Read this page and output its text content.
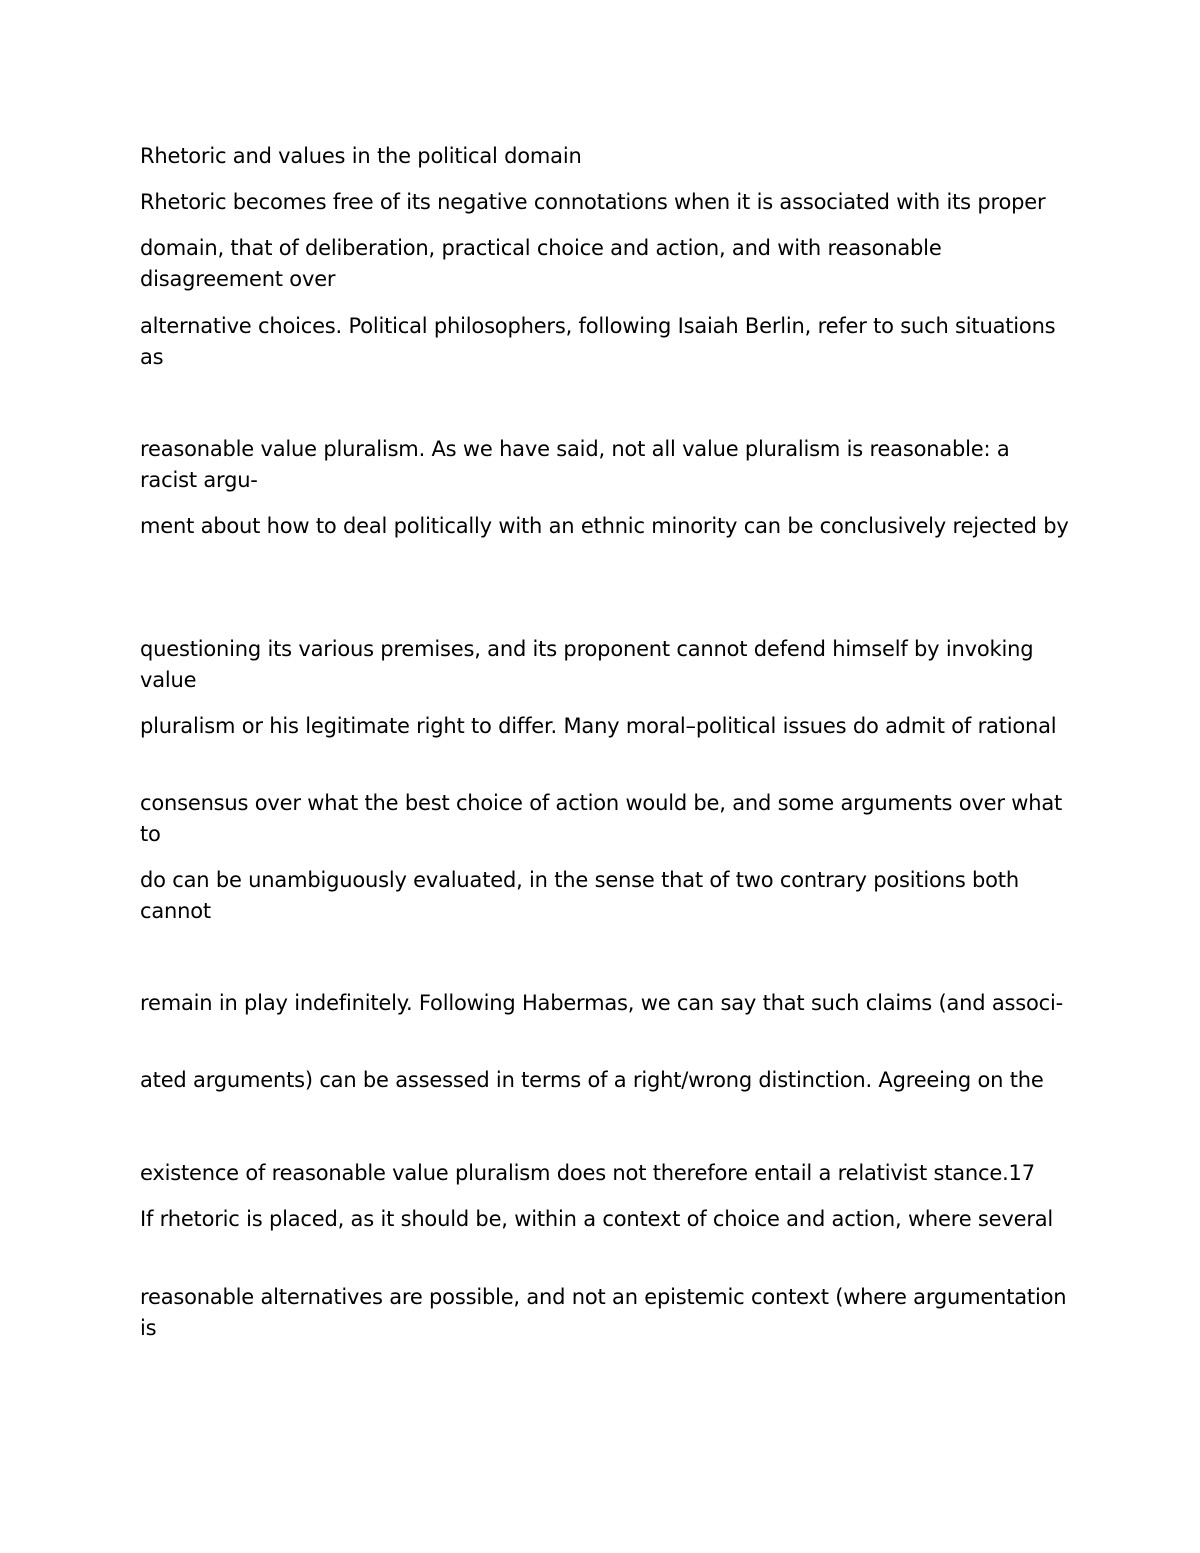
Rhetoric and values in the political domain

Rhetoric becomes free of its negative connotations when it is associated with its proper

domain, that of deliberation, practical choice and action, and with reasonable disagreement over

alternative choices. Political philosophers, following Isaiah Berlin, refer to such situations as

reasonable value pluralism. As we have said, not all value pluralism is reasonable: a racist argu-

ment about how to deal politically with an ethnic minority can be conclusively rejected by

questioning its various premises, and its proponent cannot defend himself by invoking value

pluralism or his legitimate right to differ. Many moral–political issues do admit of rational

consensus over what the best choice of action would be, and some arguments over what to

do can be unambiguously evaluated, in the sense that of two contrary positions both cannot

remain in play indefinitely. Following Habermas, we can say that such claims (and associ-

ated arguments) can be assessed in terms of a right/wrong distinction. Agreeing on the

existence of reasonable value pluralism does not therefore entail a relativist stance.17

If rhetoric is placed, as it should be, within a context of choice and action, where several

reasonable alternatives are possible, and not an epistemic context (where argumentation is
